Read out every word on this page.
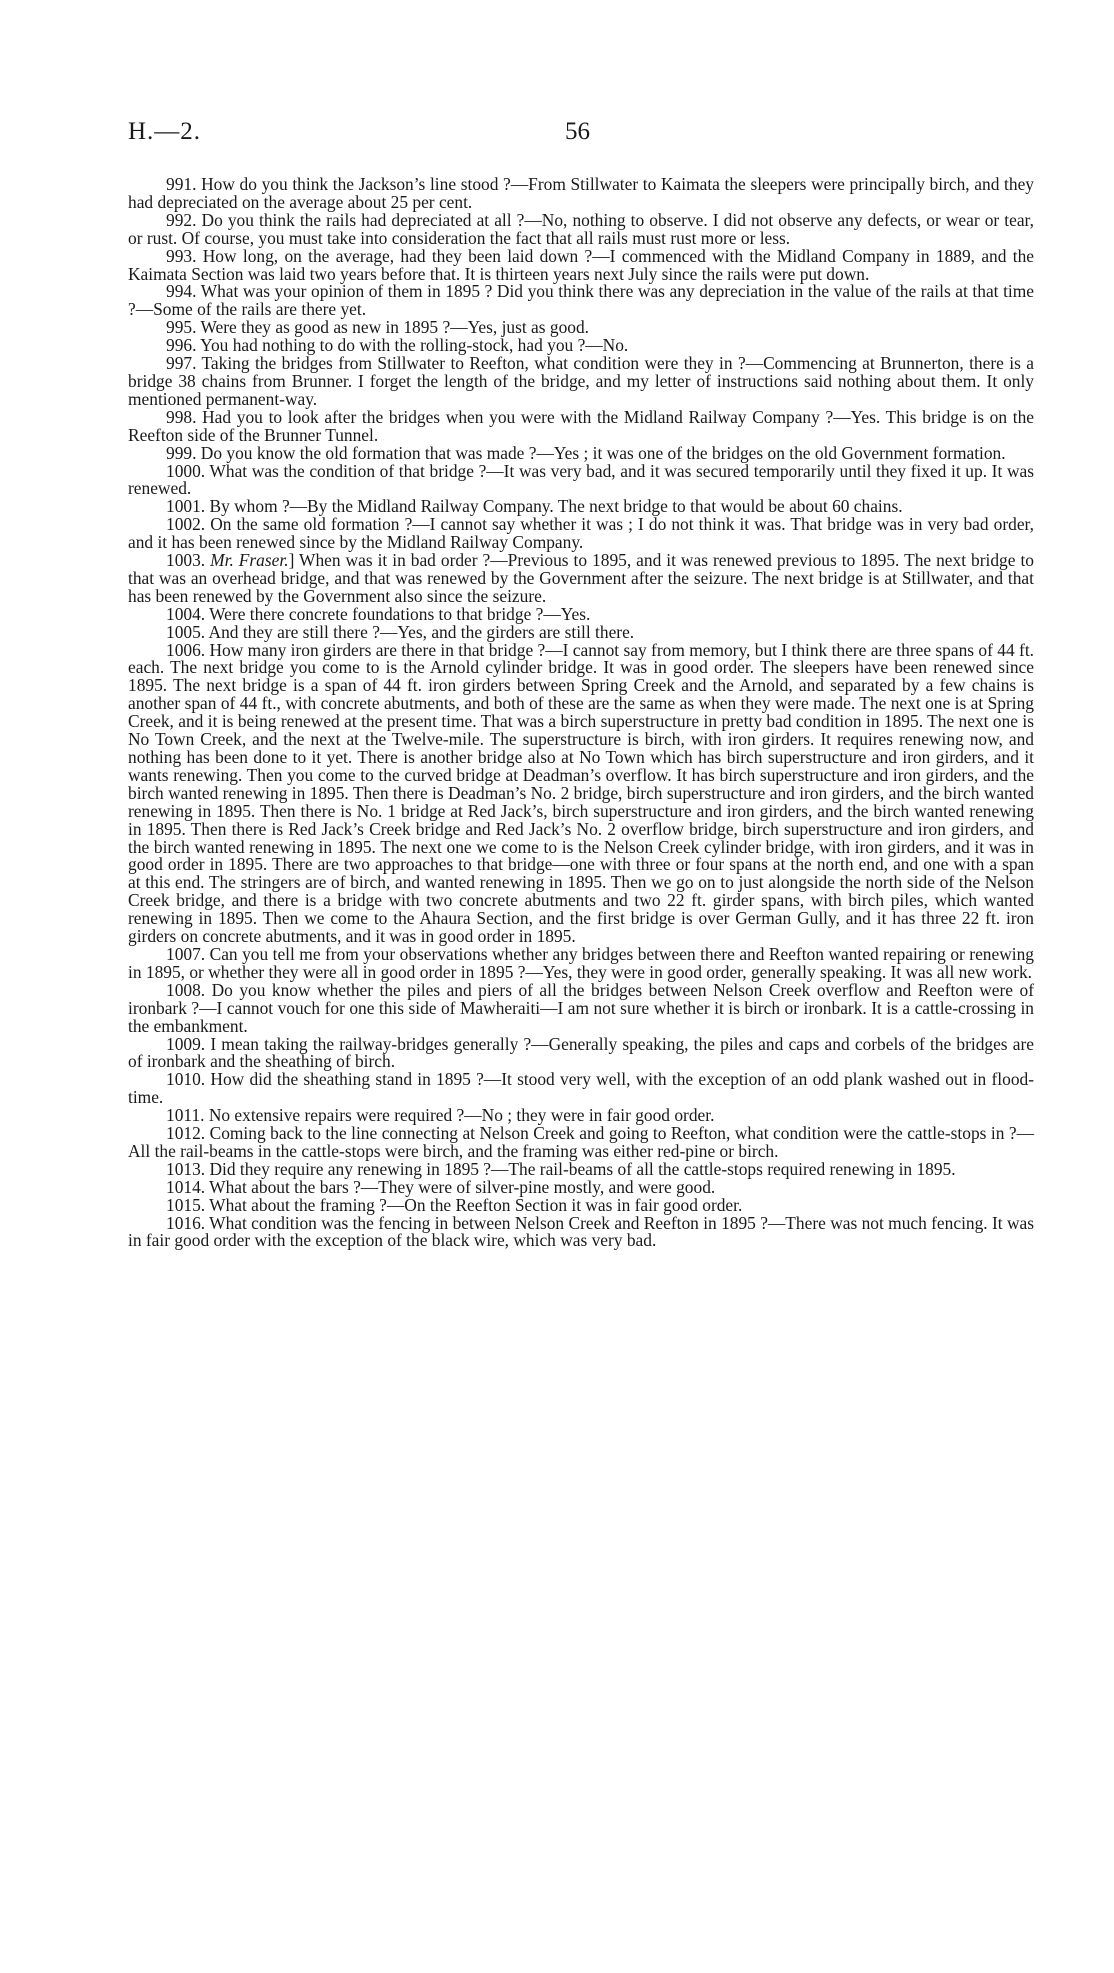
H.—2.	56

991. How do you think the Jackson’s line stood ?—From Stillwater to Kaimata the sleepers were principally birch, and they had depreciated on the average about 25 per cent.

992. Do you think the rails had depreciated at all ?—No, nothing to observe. I did not observe any defects, or wear or tear, or rust. Of course, you must take into consideration the fact that all rails must rust more or less.

993. How long, on the average, had they been laid down ?—I commenced with the Midland Company in 1889, and the Kaimata Section was laid two years before that. It is thirteen years next July since the rails were put down.

994. What was your opinion of them in 1895 ? Did you think there was any depreciation in the value of the rails at that time ?—Some of the rails are there yet.

995. Were they as good as new in 1895 ?—Yes, just as good.

996. You had nothing to do with the rolling-stock, had you ?—No.

997. Taking the bridges from Stillwater to Reefton, what condition were they in ?—Commencing at Brunnerton, there is a bridge 38 chains from Brunner. I forget the length of the bridge, and my letter of instructions said nothing about them. It only mentioned permanent-way.

998. Had you to look after the bridges when you were with the Midland Railway Company ?—Yes. This bridge is on the Reefton side of the Brunner Tunnel.

999. Do you know the old formation that was made ?—Yes ; it was one of the bridges on the old Government formation.

1000. What was the condition of that bridge ?—It was very bad, and it was secured temporarily until they fixed it up. It was renewed.

1001. By whom ?—By the Midland Railway Company. The next bridge to that would be about 60 chains.

1002. On the same old formation ?—I cannot say whether it was ; I do not think it was. That bridge was in very bad order, and it has been renewed since by the Midland Railway Company.

1003. Mr. Fraser.] When was it in bad order ?—Previous to 1895, and it was renewed previous to 1895. The next bridge to that was an overhead bridge, and that was renewed by the Government after the seizure. The next bridge is at Stillwater, and that has been renewed by the Government also since the seizure.

1004. Were there concrete foundations to that bridge ?—Yes.

1005. And they are still there ?—Yes, and the girders are still there.

1006. How many iron girders are there in that bridge ?—I cannot say from memory, but I think there are three spans of 44 ft. each. The next bridge you come to is the Arnold cylinder bridge. It was in good order. The sleepers have been renewed since 1895. The next bridge is a span of 44 ft. iron girders between Spring Creek and the Arnold, and separated by a few chains is another span of 44 ft., with concrete abutments, and both of these are the same as when they were made. The next one is at Spring Creek, and it is being renewed at the present time. That was a birch superstructure in pretty bad condition in 1895. The next one is No Town Creek, and the next at the Twelve-mile. The superstructure is birch, with iron girders. It requires renewing now, and nothing has been done to it yet. There is another bridge also at No Town which has birch superstructure and iron girders, and it wants renewing. Then you come to the curved bridge at Deadman’s overflow. It has birch superstructure and iron girders, and the birch wanted renewing in 1895. Then there is Deadman’s No. 2 bridge, birch superstructure and iron girders, and the birch wanted renewing in 1895. Then there is No. 1 bridge at Red Jack’s, birch superstructure and iron girders, and the birch wanted renewing in 1895. Then there is Red Jack’s Creek bridge and Red Jack’s No. 2 overflow bridge, birch superstructure and iron girders, and the birch wanted renewing in 1895. The next one we come to is the Nelson Creek cylinder bridge, with iron girders, and it was in good order in 1895. There are two approaches to that bridge—one with three or four spans at the north end, and one with a span at this end. The stringers are of birch, and wanted renewing in 1895. Then we go on to just alongside the north side of the Nelson Creek bridge, and there is a bridge with two concrete abutments and two 22 ft. girder spans, with birch piles, which wanted renewing in 1895. Then we come to the Ahaura Section, and the first bridge is over German Gully, and it has three 22 ft. iron girders on concrete abutments, and it was in good order in 1895.

1007. Can you tell me from your observations whether any bridges between there and Reefton wanted repairing or renewing in 1895, or whether they were all in good order in 1895 ?—Yes, they were in good order, generally speaking. It was all new work.

1008. Do you know whether the piles and piers of all the bridges between Nelson Creek overflow and Reefton were of ironbark ?—I cannot vouch for one this side of Mawheraiti—I am not sure whether it is birch or ironbark. It is a cattle-crossing in the embankment.

1009. I mean taking the railway-bridges generally ?—Generally speaking, the piles and caps and corbels of the bridges are of ironbark and the sheathing of birch.

1010. How did the sheathing stand in 1895 ?—It stood very well, with the exception of an odd plank washed out in flood-time.

1011. No extensive repairs were required ?—No ; they were in fair good order.

1012. Coming back to the line connecting at Nelson Creek and going to Reefton, what condition were the cattle-stops in ?—All the rail-beams in the cattle-stops were birch, and the framing was either red-pine or birch.

1013. Did they require any renewing in 1895 ?—The rail-beams of all the cattle-stops required renewing in 1895.

1014. What about the bars ?—They were of silver-pine mostly, and were good.

1015. What about the framing ?—On the Reefton Section it was in fair good order.

1016. What condition was the fencing in between Nelson Creek and Reefton in 1895 ?—There was not much fencing. It was in fair good order with the exception of the black wire, which was very bad.
